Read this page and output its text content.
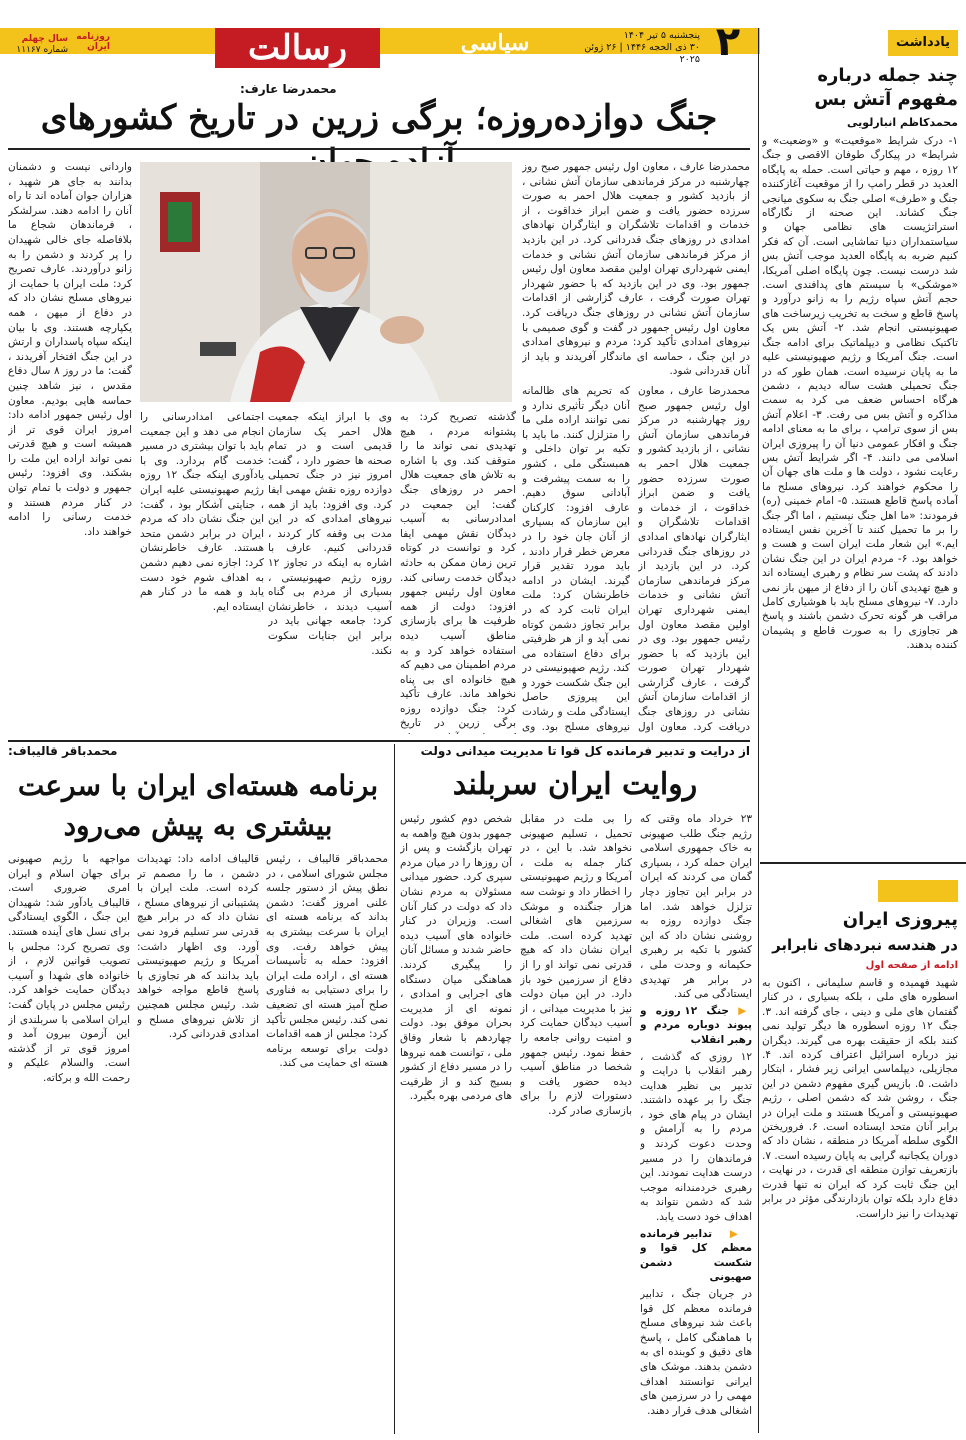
۲
پنجشنبه ۵ تیر ۱۴۰۴
۳۰ ذی الحجه ۱۴۴۶ | ۲۶ ژوئن ۲۰۲۵
سیاسی
رسالت
روزنامه ایران
سال چهلم
شماره ۱۱۱۶۷	یادداشت
چند جمله درباره مفهوم آتش بس
محمدکاظم انبارلویی
۱- درک شرایط «موقعیت» و «وضعیت» و شرایط» در پیکارگ طوفان الاقصی و جنگ ۱۲ روزه ، مهم و حیاتی است. حمله به پایگاه العدید در قطر رامپ را از موقعیت آغازکننده جنگ و «طرف» اصلی جنگ به سکوی میانجی جنگ کشاند. این صحنه از نگارگاه استراتژیست های نظامی جهان و سیاستمداران دنیا تماشایی است. آن که فکر کنیم ضربه به پایگاه العدید موجب آتش بس شد درست نیست. چون پایگاه اصلی آمریکا، «موشکی» با سیستم های پدافندی است. حجم آتش سپاه رژیم را به زانو درآورد و پاسخ قاطع و سخت به تخریب زیرساخت های صهیونیستی انجام شد. ۲- آتش بس یک تاکتیک نظامی و دیپلماتیک برای ادامه جنگ است. جنگ آمریکا و رژیم صهیونیستی علیه ما به پایان نرسیده است. همان طور که در جنگ تحمیلی هشت ساله دیدیم ، دشمن هرگاه احساس ضعف می کرد به سمت مذاکره و آتش بس می رفت. ۳- اعلام آتش بس از سوی ترامپ ، برای ما به معنای ادامه جنگ و افکار عمومی دنیا آن را پیروزی ایران اسلامی می دانند. ۴- اگر شرایط آتش بس رعایت نشود ، دولت ها و ملت های جهان آن را محکوم خواهند کرد. نیروهای مسلح ما آماده پاسخ قاطع هستند. ۵- امام خمینی (ره) فرمودند: «ما اهل جنگ نیستیم ، اما اگر جنگ را بر ما تحمیل کنند تا آخرین نفس ایستاده ایم.» این شعار ملت ایران است و هست و خواهد بود. ۶- مردم ایران در این جنگ نشان دادند که پشت سر نظام و رهبری ایستاده اند و هیچ تهدیدی آنان را از دفاع از میهن باز نمی دارد. ۷- نیروهای مسلح باید با هوشیاری کامل مراقب هر گونه تحرک دشمن باشند و پاسخ هر تجاوزی را به صورت قاطع و پشیمان کننده بدهند.
پیروزی ایران
در هندسه نبردهای نابرابر
ادامه از صفحه اول
شهید فهمیده و قاسم سلیمانی ، اکنون به اسطوره های ملی ، بلکه بسیاری ، در کنار گفتمان های ملی و دینی ، جای گرفته اند. ۳. جنگ ۱۲ روزه اسطوره ها دیگر تولید نمی کنند بلکه از حقیقت بهره می گیرند. دیگران نیز درباره اسرائیل اعتراف کرده اند. ۴. مجازیلی، دیپلماسی ایرانی زیر فشار ، ابتکار داشت. ۵. بازیس گیری مفهوم دشمن در این جنگ ، روشن شد که دشمن اصلی ، رژیم صهیونیستی و آمریکا هستند و ملت ایران در برابر آنان متحد ایستاده است. ۶. فروریختن الگوی سلطه آمریکا در منطقه ، نشان داد که دوران یکجانبه گرایی به پایان رسیده است. ۷. بازتعریف توازن منطقه ای قدرت ، در نهایت ، این جنگ ثابت کرد که ایران نه تنها قدرت دفاع دارد بلکه توان بازدارندگی مؤثر در برابر تهدیدات را نیز داراست.
محمدرضا عارف:
جنگ دوازده‌روزه؛ برگی زرین در تاریخ کشورهای
محمدرضا عارف ، معاون اول رئیس جمهور صبح روز چهارشنبه در مرکز فرماندهی سازمان آتش نشانی ، از بازدید کشور و جمعیت هلال احمر به صورت سرزده حضور یافت و ضمن ابراز خداقوت ، از خدمات و اقدامات تلاشگران و ایثارگران نهادهای امدادی در روزهای جنگ قدردانی کرد. در این بازدید از مرکز فرماندهی سازمان آتش نشانی و خدمات ایمنی شهرداری تهران اولین مقصد معاون اول رئیس جمهور بود. وی در این بازدید که با حضور شهردار تهران صورت گرفت ، عارف گزارشی از اقدامات سازمان آتش نشانی در روزهای جنگ دریافت کرد. معاون اول رئیس جمهور در گفت و گوی صمیمی با نیروهای امدادی تأکید کرد: مردم و نیروهای امدادی در این جنگ ، حماسه ای ماندگار آفریدند و باید از آنان قدردانی شود.
واردانی نیست و دشمنان بدانند به جای هر شهید ، هزاران جوان آماده اند تا راه آنان را ادامه دهند. سرلشکر ، فرماندهان شجاع ما بلافاصله جای خالی شهیدان را پر کردند و دشمن را به زانو درآوردند. عارف تصریح کرد: ملت ایران با حمایت از نیروهای مسلح نشان داد که در دفاع از میهن ، همه یکپارچه هستند. وی با بیان اینکه سپاه پاسداران و ارتش در این جنگ افتخار آفریدند ، گفت: ما در روز ۸ سال دفاع مقدس ، نیز شاهد چنین حماسه هایی بودیم. معاون اول رئیس جمهور ادامه داد: امروز ایران قوی تر از همیشه است و هیچ قدرتی نمی تواند اراده این ملت را بشکند. وی افزود: رئیس جمهور و دولت با تمام توان در کنار مردم هستند و خدمت رسانی را ادامه خواهند داد.
که تحریم های ظالمانه آنان دیگر تأثیری ندارد و نمی توانند اراده ملی ما را متزلزل کنند. ما باید با تکیه بر توان داخلی و همبستگی ملی ، کشور را به سمت پیشرفت و آبادانی سوق دهیم. عارف افزود: کارکنان این سازمان که بسیاری از آنان جان خود را در معرض خطر قرار دادند ، باید مورد تقدیر قرار گیرند. ایشان در ادامه خاطرنشان کرد: ملت ایران ثابت کرد که در برابر تجاوز دشمن کوتاه نمی آید و از هر ظرفیتی برای دفاع استفاده می کند. رژیم صهیونیستی در این جنگ شکست خورد و این پیروزی حاصل ایستادگی ملت و رشادت نیروهای مسلح بود. وی
محمدرضا عارف ، معاون اول رئیس جمهور صبح روز چهارشنبه در مرکز فرماندهی سازمان آتش نشانی ، از بازدید کشور و جمعیت هلال احمر به صورت سرزده حضور یافت و ضمن ابراز خداقوت ، از خدمات و اقدامات تلاشگران و ایثارگران نهادهای امدادی در روزهای جنگ قدردانی کرد. در این بازدید از مرکز فرماندهی سازمان آتش نشانی و خدمات ایمنی شهرداری تهران اولین مقصد معاون اول رئیس جمهور بود. وی در این بازدید که با حضور شهردار تهران صورت گرفت ، عارف گزارشی از اقدامات سازمان آتش نشانی در روزهای جنگ دریافت کرد. معاون اول
گذشته تصریح کرد: به پشتوانه مردم ، هیچ تهدیدی نمی تواند ما را متوقف کند. وی با اشاره به تلاش های جمعیت هلال احمر در روزهای جنگ گفت: این جمعیت در امدادرسانی به آسیب دیدگان نقش مهمی ایفا کرد و توانست در کوتاه ترین زمان ممکن به حادثه دیدگان خدمت رسانی کند. معاون اول رئیس جمهور افزود: دولت از همه ظرفیت ها برای بازسازی مناطق آسیب دیده استفاده خواهد کرد و به مردم اطمینان می دهیم که هیچ خانواده ای بی پناه نخواهد ماند. عارف تأکید کرد: جنگ دوازده روزه برگی زرین در تاریخ
وی با ابراز اینکه جمعیت هلال احمر یک سازمان قدیمی است و در تمام صحنه ها حضور دارد ، گفت: امروز نیز در جنگ تحمیلی دوازده روزه نقش مهمی ایفا کرد. وی افزود: باید از همه نیروهای امدادی که در این مدت بی وقفه کار کردند ، قدردانی کنیم. عارف با اشاره به اینکه در تجاوز ۱۲ روزه رژیم صهیونیستی ، بسیاری از مردم بی گناه آسیب دیدند ، خاطرنشان کرد: جامعه جهانی باید در برابر این جنایات سکوت نکند.
اجتماعی امدادرسانی را انجام می دهد و این جمعیت باید با توان بیشتری در مسیر خدمت گام بردارد. وی با یادآوری اینکه جنگ ۱۲ روزه رژیم صهیونیستی علیه ایران ، جنایتی آشکار بود ، گفت: این جنگ نشان داد که مردم ایران در برابر دشمن متحد هستند. عارف خاطرنشان کرد: اجازه نمی دهیم دشمن به اهداف شوم خود دست یابد و همه ما در کنار هم ایستاده ایم.
از درایت و تدبیر فرمانده کل قوا تا مدیریت میدانی دولت
روایت ایران سربلند
۲۳ خرداد ماه وقتی که رژیم جنگ طلب صهیونی به خاک جمهوری اسلامی ایران حمله کرد ، بسیاری گمان می کردند که ایران در برابر این تجاوز دچار تزلزل خواهد شد. اما جنگ دوازده روزه به روشنی نشان داد که این کشور با تکیه بر رهبری حکیمانه و وحدت ملی ، در برابر هر تهدیدی ایستادگی می کند.
▶ جنگ ۱۲ روزه و پیوند دوباره مردم و رهبر انقلاب
۱۲ روزی که گذشت ، رهبر انقلاب با درایت و تدبیر بی نظیر هدایت جنگ را بر عهده داشتند. ایشان در پیام های خود ، مردم را به آرامش و وحدت دعوت کردند و فرماندهان را در مسیر درست هدایت نمودند. این رهبری خردمندانه موجب شد که دشمن نتواند به اهداف خود دست یابد.
▶ تدابیر فرمانده معظم کل قوا و شکست دشمن صهیونی
در جریان جنگ ، تدابیر فرمانده معظم کل قوا باعث شد نیروهای مسلح با هماهنگی کامل ، پاسخ های دقیق و کوبنده ای به دشمن بدهند. موشک های ایرانی توانستند اهداف مهمی را در سرزمین های اشغالی هدف قرار دهند.
را بی ملت در مقابل تحمیل ، تسلیم صهیونی نخواهد شد. با این ، در کنار جمله به ملت ، آمریکا و رژیم صهیونیستی را اخطار داد و نوشت سه هزار جنگنده و موشک سرزمین های اشغالی تهدید کرده است. ملت ایران نشان داد که هیچ قدرتی نمی تواند او را از دفاع از سرزمین خود باز دارد. در این میان دولت نیز با مدیریت میدانی ، از آسیب دیدگان حمایت کرد و امنیت روانی جامعه را حفظ نمود. رئیس جمهور شخصا در مناطق آسیب دیده حضور یافت و دستورات لازم را برای بازسازی صادر کرد.
شخص دوم کشور رئیس جمهور بدون هیچ واهمه به تهران بازگشت و پس از آن روزها را در میان مردم سپری کرد. حضور میدانی مسئولان به مردم نشان داد که دولت در کنار آنان است. وزیران در کنار خانواده های آسیب دیده حاضر شدند و مسائل آنان را پیگیری کردند. هماهنگی میان دستگاه های اجرایی و امدادی ، نمونه ای از مدیریت بحران موفق بود. دولت چهاردهم با شعار وفاق ملی ، توانست همه نیروها را در مسیر دفاع از کشور بسیج کند و از ظرفیت های مردمی بهره بگیرد.
محمدباقر قالیباف:
برنامه هسته‌ای ایران با سرعت بیشتری به پیش می‌رود
محمدباقر قالیباف ، رئیس مجلس شورای اسلامی ، در نطق پیش از دستور جلسه علنی امروز گفت: دشمن بداند که برنامه هسته ای ایران با سرعت بیشتری به پیش خواهد رفت. وی افزود: حمله به تأسیسات هسته ای ، اراده ملت ایران را برای دستیابی به فناوری صلح آمیز هسته ای تضعیف نمی کند. رئیس مجلس تأکید کرد: مجلس از همه اقدامات دولت برای توسعه برنامه هسته ای حمایت می کند.
قالیباف ادامه داد: تهدیدات دشمن ، ما را مصمم تر کرده است. ملت ایران با پشتیبانی از نیروهای مسلح ، نشان داد که در برابر هیچ قدرتی سر تسلیم فرود نمی آورد. وی اظهار داشت: آمریکا و رژیم صهیونیستی باید بدانند که هر تجاوزی با پاسخ قاطع مواجه خواهد شد. رئیس مجلس همچنین از تلاش نیروهای مسلح و امدادی قدردانی کرد.
مواجهه با رژیم صهیونی برای جهان اسلام و ایران امری ضروری است. قالیباف یادآور شد: شهیدان این جنگ ، الگوی ایستادگی برای نسل های آینده هستند. وی تصریح کرد: مجلس با تصویب قوانین لازم ، از خانواده های شهدا و آسیب دیدگان حمایت خواهد کرد. رئیس مجلس در پایان گفت: ایران اسلامی با سربلندی از این آزمون بیرون آمد و امروز قوی تر از گذشته است. والسلام علیکم و رحمت الله و برکاته.
